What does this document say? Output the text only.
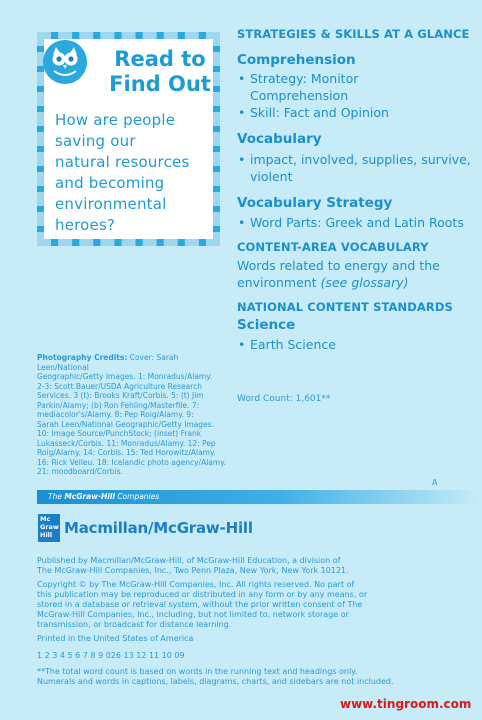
Read to
Find Out
How are people
saving our
natural resources
and becoming
environmental
heroes?

STRATEGIES & SKILLS AT A GLANCE

Comprehension

• Strategy: Monitor
Comprehension
• Skill: Fact and Opinion

Vocabulary

• impact, involved, supplies, survive,
violent

Vocabulary Strategy

• Word Parts: Greek and Latin Roots

CONTENT-AREA VOCABULARY

Words related to energy and the
environment (see glossary)

NATIONAL CONTENT STANDARDS

Science

• Earth Science
Photography Credits: Cover: Sarah Leen/National
Geographic/Getty Images. 1: Monradus/Alamy.
2-3: Scott Bauer/USDA Agriculture Research
Services. 3 (t): Brooks Kraft/Corbis. 5: (t) Jim
Parkin/Alamy; (b) Ron Fehling/Masterfile. 7:
mediacolor's/Alamy. 8: Pep Roig/Alamy. 9:
Sarah Leen/National Geographic/Getty Images.
10: Image Source/PunchStock; (inset) Frank
Lukasseck/Corbis. 11: Monradus/Alamy. 12: Pep
Roig/Alamy. 14: Corbis. 15: Ted Horowitz/Alamy.
16: Rick Velleu. 18: Icelandic photo agency/Alamy.
21: moodboard/Corbis.
Word Count: 1,601**
A
The McGraw·Hill Companies
Mc
Graw
Hill Macmillan/McGraw-Hill
Published by Macmillan/McGraw-Hill, of McGraw-Hill Education, a division of
The McGraw-Hill Companies, Inc., Two Penn Plaza, New York, New York 10121.
Copyright © by The McGraw-Hill Companies, Inc. All rights reserved. No part of
this publication may be reproduced or distributed in any form or by any means, or
stored in a database or retrieval system, without the prior written consent of The
McGraw-Hill Companies, Inc., including, but not limited to, network storage or
transmission, or broadcast for distance learning.
Printed in the United States of America
1 2 3 4 5 6 7 8 9 026 13 12 11 10 09
**The total word count is based on words in the running text and headings only.
Numerals and words in captions, labels, diagrams, charts, and sidebars are not included.
www.tingroom.com
